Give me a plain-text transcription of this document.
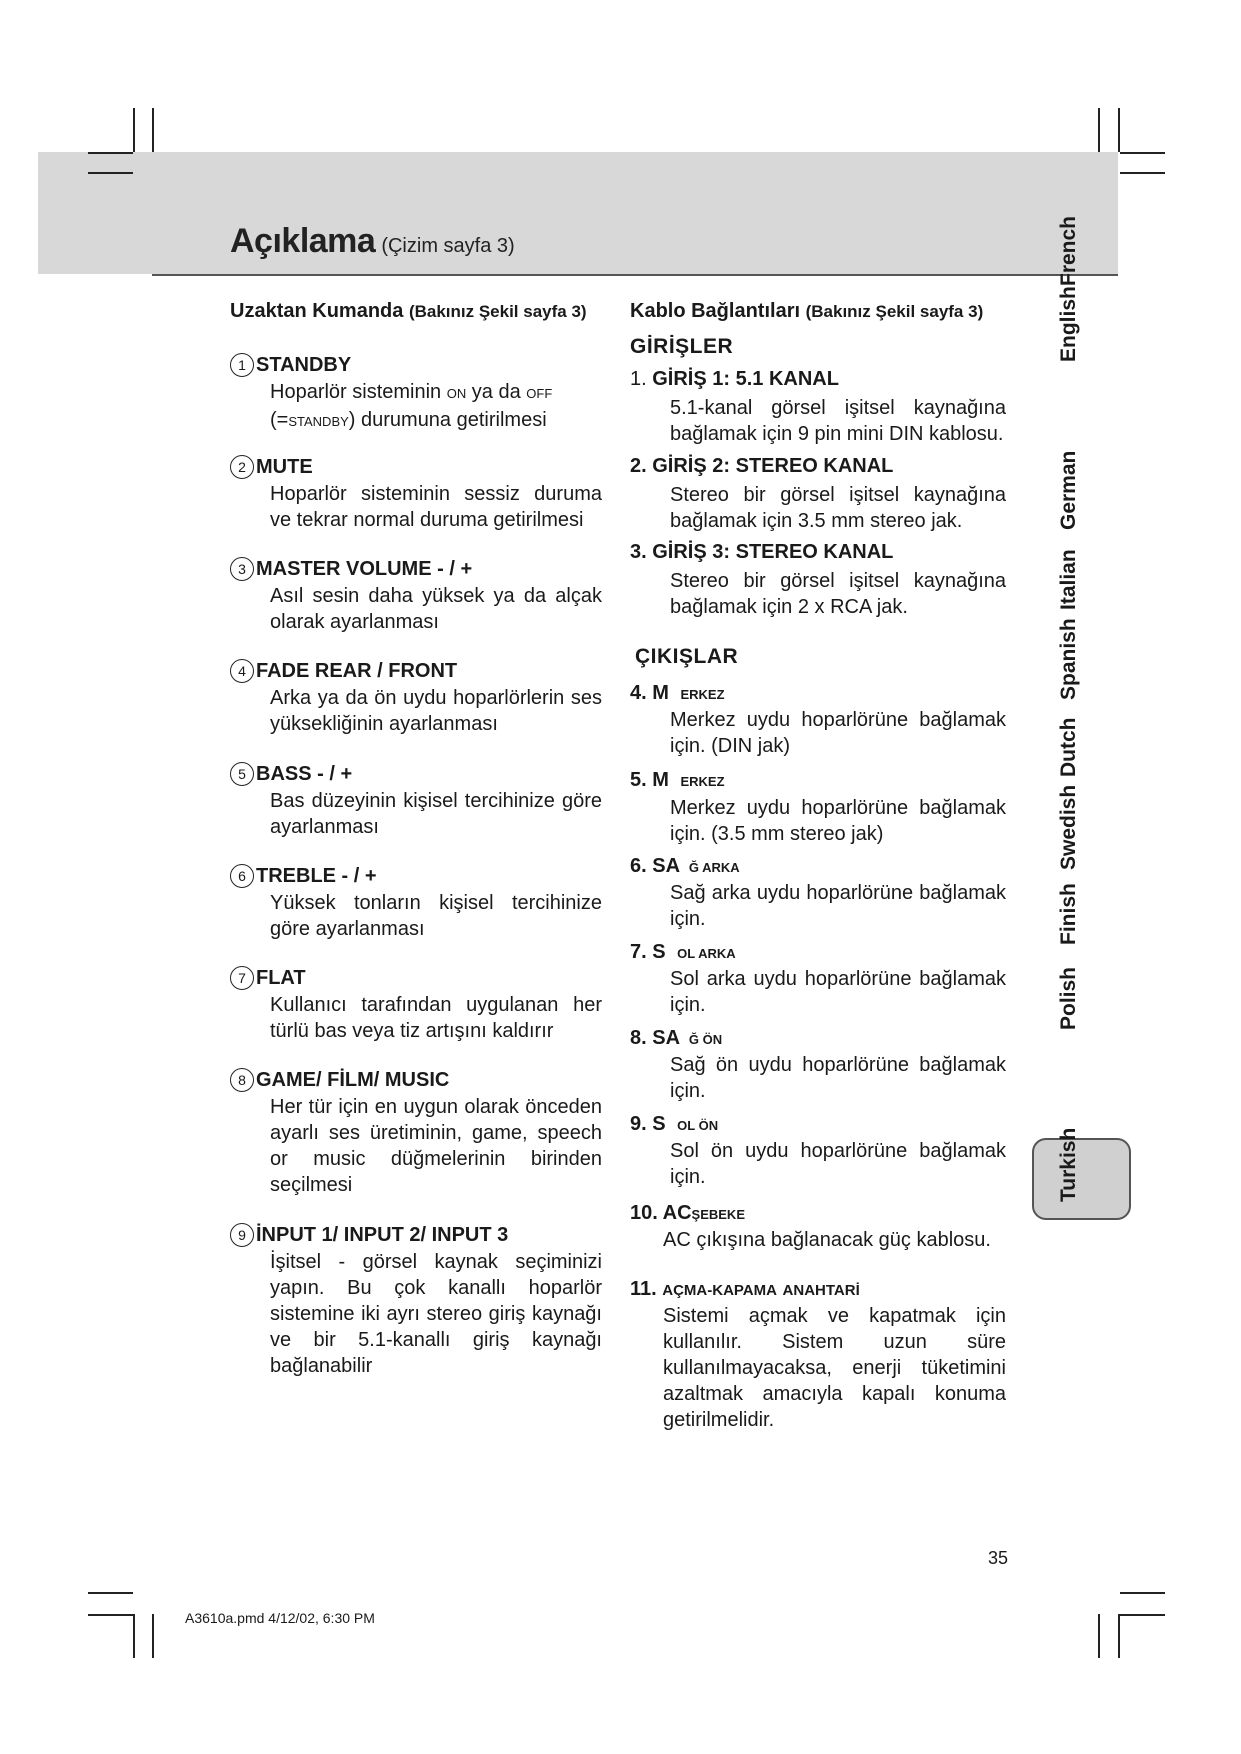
Açıklama (Çizim sayfa 3)
Uzaktan Kumanda (Bakınız Şekil sayfa 3)
1 STANDBY
Hoparlör sisteminin ON ya da OFF
(=STANDBY) durumuna getirilmesi
2 MUTE
Hoparlör sisteminin sessiz duruma ve tekrar normal duruma getirilmesi
3 MASTER VOLUME - / +
Asıl sesin daha yüksek ya da alçak olarak ayarlanması
4 FADE REAR / FRONT
Arka ya da ön uydu hoparlörlerin ses yüksekliğinin ayarlanması
5 BASS - / +
Bas düzeyinin kişisel tercihinize göre ayarlanması
6 TREBLE - / +
Yüksek tonların kişisel tercihinize göre ayarlanması
7 FLAT
Kullanıcı tarafından uygulanan her türlü bas veya tiz artışını kaldırır
8 GAME/ FİLM/ MUSIC
Her tür için en uygun olarak önceden ayarlı ses üretiminin, game, speech or music düğmelerinin birinden seçilmesi
9 İNPUT 1/ INPUT 2/ INPUT 3
İşitsel - görsel kaynak seçiminizi yapın. Bu çok kanallı hoparlör sistemine iki ayrı stereo giriş kaynağı ve bir 5.1-kanallı giriş kaynağı bağlanabilir
Kablo Bağlantıları (Bakınız Şekil sayfa 3)
GİRİŞLER
1. GİRİŞ 1: 5.1 KANAL
5.1-kanal görsel işitsel kaynağına bağlamak için 9 pin mini DIN kablosu.
2. GİRİŞ 2: STEREO KANAL
Stereo bir görsel işitsel kaynağına bağlamak için 3.5 mm stereo jak.
3. GİRİŞ 3: STEREO KANAL
Stereo bir görsel işitsel kaynağına bağlamak için 2 x RCA jak.
ÇIKIŞLAR
4. M ERKEZ
Merkez uydu hoparlörüne bağlamak için. (DIN jak)
5. M ERKEZ
Merkez uydu hoparlörüne bağlamak için. (3.5 mm stereo jak)
6. SA Ğ ARKA
Sağ arka uydu hoparlörüne bağlamak için.
7. S OL ARKA
Sol arka uydu hoparlörüne bağlamak için.
8. SA Ğ ÖN
Sağ ön uydu hoparlörüne bağlamak için.
9. S OL ÖN
Sol ön uydu hoparlörüne bağlamak için.
10. ACŞEBEKE
AC çıkışına bağlanacak güç kablosu.
11. AÇMA-KAPAMA ANAHTARİ
Sistemi açmak ve kapatmak için kullanılır. Sistem uzun süre kullanılmayacaksa, enerji tüketimini azaltmak amacıyla kapalı konuma getirilmelidir.
English
French
German
Italian
Spanish
Dutch
Swedish
Finish
Polish
Turkish
35
A3610a.pmd 4/12/02, 6:30 PM
